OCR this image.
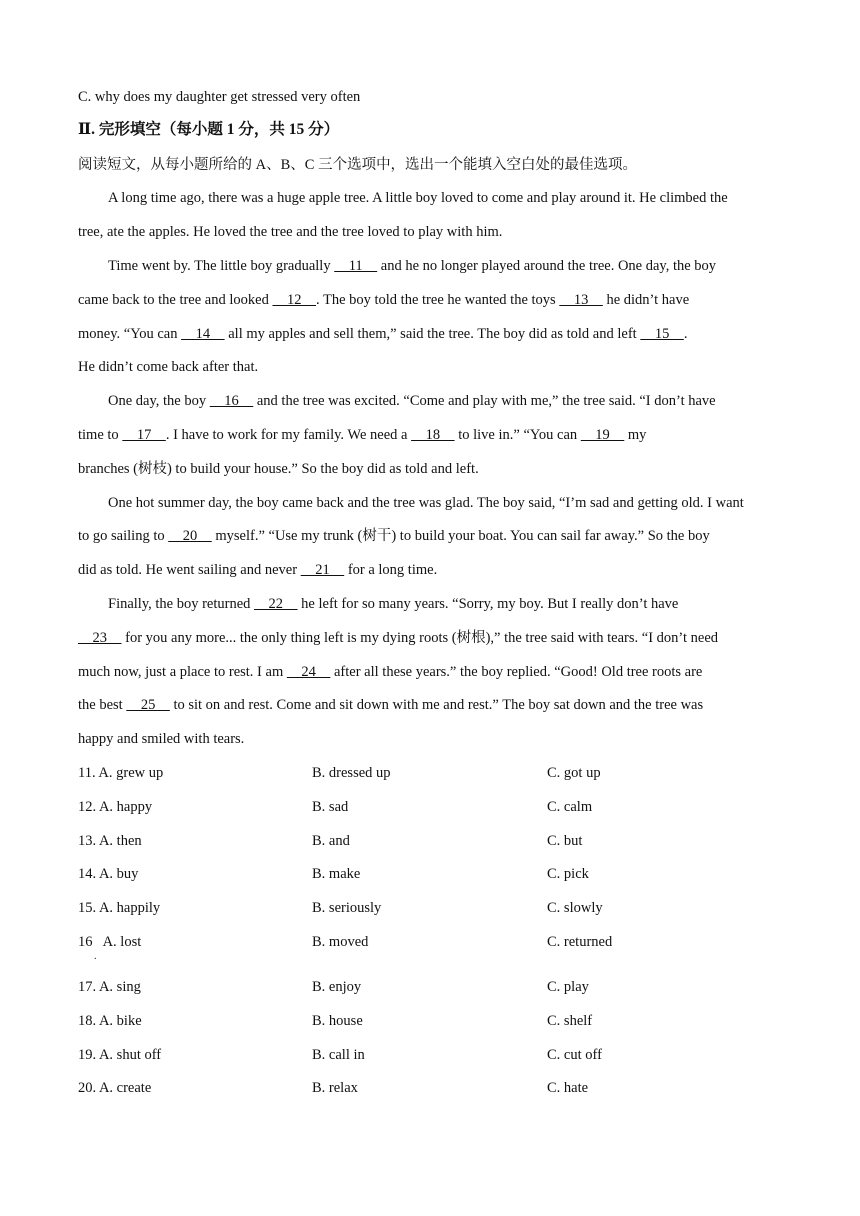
C. why does my daughter get stressed very often
Ⅱ. 完形填空（每小题 1 分，共 15 分）
阅读短文，从每小题所给的 A、B、C 三个选项中，选出一个能填入空白处的最佳选项。
A long time ago, there was a huge apple tree. A little boy loved to come and play around it. He climbed the
tree, ate the apples. He loved the tree and the tree loved to play with him.
Time went by. The little boy gradually     11     and he no longer played around the tree. One day, the boy
came back to the tree and looked     12    . The boy told the tree he wanted the toys     13     he didn’t have
money. “You can     14     all my apples and sell them,” said the tree. The boy did as told and left     15    .
He didn’t come back after that.
One day, the boy     16     and the tree was excited. “Come and play with me,” the tree said. “I don’t have
time to     17    . I have to work for my family. We need a     18     to live in.” “You can     19     my
branches (树枝) to build your house.” So the boy did as told and left.
One hot summer day, the boy came back and the tree was glad. The boy said, “I’m sad and getting old. I want
to go sailing to     20     myself.” “Use my trunk (树干) to build your boat. You can sail far away.” So the boy
did as told. He went sailing and never     21     for a long time.
Finally, the boy returned     22     he left for so many years. “Sorry, my boy. But I really don’t have
23     for you any more... the only thing left is my dying roots (树根),” the tree said with tears. “I don’t need
much now, just a place to rest. I am     24     after all these years.” the boy replied. “Good! Old tree roots are
the best     25     to sit on and rest. Come and sit down with me and rest.” The boy sat down and the tree was
happy and smiled with tears.
11. A. grew up	B. dressed up	C. got up
12. A. happy	B. sad	C. calm
13. A. then	B. and	C. but
14. A. buy	B. make	C. pick
15. A. happily	B. seriously	C. slowly
16   A. lost	B. moved	C. returned
17. A. sing	B. enjoy	C. play
18. A. bike	B. house	C. shelf
19. A. shut off	B. call in	C. cut off
20. A. create	B. relax	C. hate
.
